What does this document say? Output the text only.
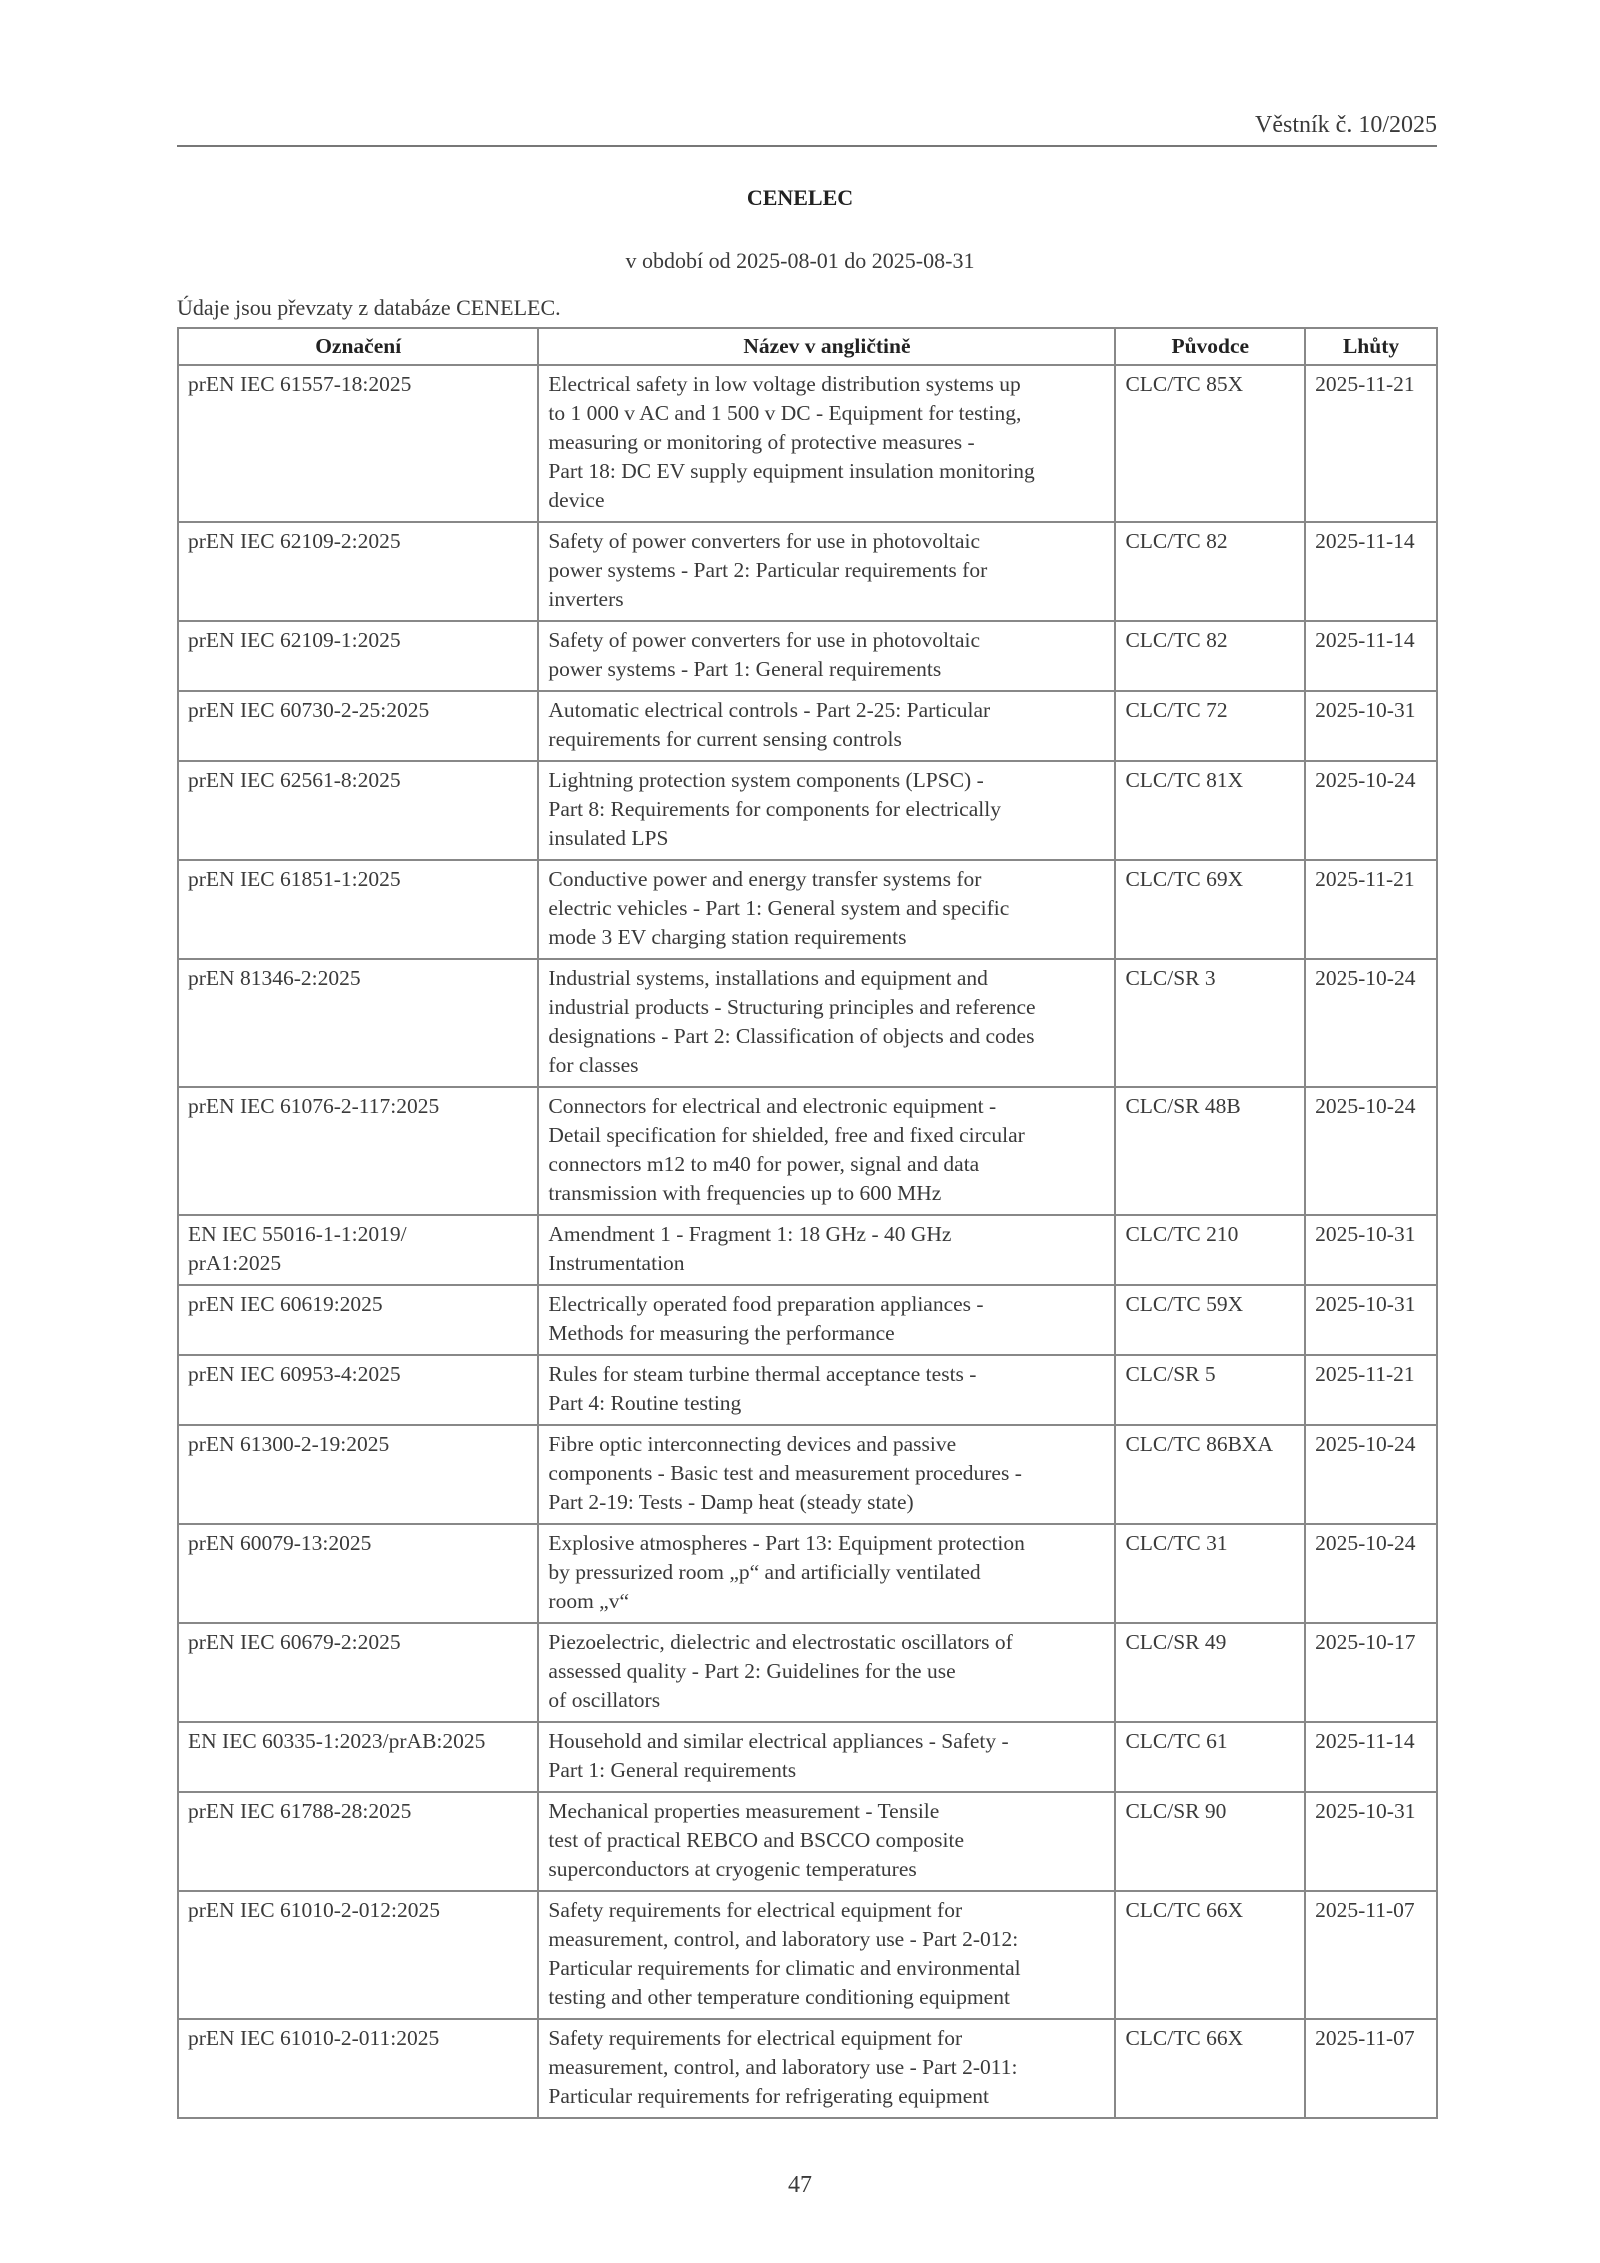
Věstník č. 10/2025
CENELEC
v období od 2025-08-01 do 2025-08-31
Údaje jsou převzaty z databáze CENELEC.
Označení	Název v angličtině	Původce	Lhůty
prEN IEC 61557-18:2025	Electrical safety in low voltage distribution systems up
to 1 000 v AC and 1 500 v DC - Equipment for testing,
measuring or monitoring of protective measures -
Part 18: DC EV supply equipment insulation monitoring
device	CLC/TC 85X	2025-11-21
prEN IEC 62109-2:2025	Safety of power converters for use in photovoltaic
power systems - Part 2: Particular requirements for
inverters	CLC/TC 82	2025-11-14
prEN IEC 62109-1:2025	Safety of power converters for use in photovoltaic
power systems - Part 1: General requirements	CLC/TC 82	2025-11-14
prEN IEC 60730-2-25:2025	Automatic electrical controls - Part 2-25: Particular
requirements for current sensing controls	CLC/TC 72	2025-10-31
prEN IEC 62561-8:2025	Lightning protection system components (LPSC) -
Part 8: Requirements for components for electrically
insulated LPS	CLC/TC 81X	2025-10-24
prEN IEC 61851-1:2025	Conductive power and energy transfer systems for
electric vehicles - Part 1: General system and specific
mode 3 EV charging station requirements	CLC/TC 69X	2025-11-21
prEN 81346-2:2025	Industrial systems, installations and equipment and
industrial products - Structuring principles and reference
designations - Part 2: Classification of objects and codes
for classes	CLC/SR 3	2025-10-24
prEN IEC 61076-2-117:2025	Connectors for electrical and electronic equipment -
Detail specification for shielded, free and fixed circular
connectors m12 to m40 for power, signal and data
transmission with frequencies up to 600 MHz	CLC/SR 48B	2025-10-24
EN IEC 55016-1-1:2019/
prA1:2025	Amendment 1 - Fragment 1: 18 GHz - 40 GHz
Instrumentation	CLC/TC 210	2025-10-31
prEN IEC 60619:2025	Electrically operated food preparation appliances -
Methods for measuring the performance	CLC/TC 59X	2025-10-31
prEN IEC 60953-4:2025	Rules for steam turbine thermal acceptance tests -
Part 4: Routine testing	CLC/SR 5	2025-11-21
prEN 61300-2-19:2025	Fibre optic interconnecting devices and passive
components - Basic test and measurement procedures -
Part 2-19: Tests - Damp heat (steady state)	CLC/TC 86BXA	2025-10-24
prEN 60079-13:2025	Explosive atmospheres - Part 13: Equipment protection
by pressurized room „p“ and artificially ventilated
room „v“	CLC/TC 31	2025-10-24
prEN IEC 60679-2:2025	Piezoelectric, dielectric and electrostatic oscillators of
assessed quality - Part 2: Guidelines for the use
of oscillators	CLC/SR 49	2025-10-17
EN IEC 60335-1:2023/prAB:2025	Household and similar electrical appliances - Safety -
Part 1: General requirements	CLC/TC 61	2025-11-14
prEN IEC 61788-28:2025	Mechanical properties measurement - Tensile
test of practical REBCO and BSCCO composite
superconductors at cryogenic temperatures	CLC/SR 90	2025-10-31
prEN IEC 61010-2-012:2025	Safety requirements for electrical equipment for
measurement, control, and laboratory use - Part 2-012:
Particular requirements for climatic and environmental
testing and other temperature conditioning equipment	CLC/TC 66X	2025-11-07
prEN IEC 61010-2-011:2025	Safety requirements for electrical equipment for
measurement, control, and laboratory use - Part 2-011:
Particular requirements for refrigerating equipment	CLC/TC 66X	2025-11-07
47
